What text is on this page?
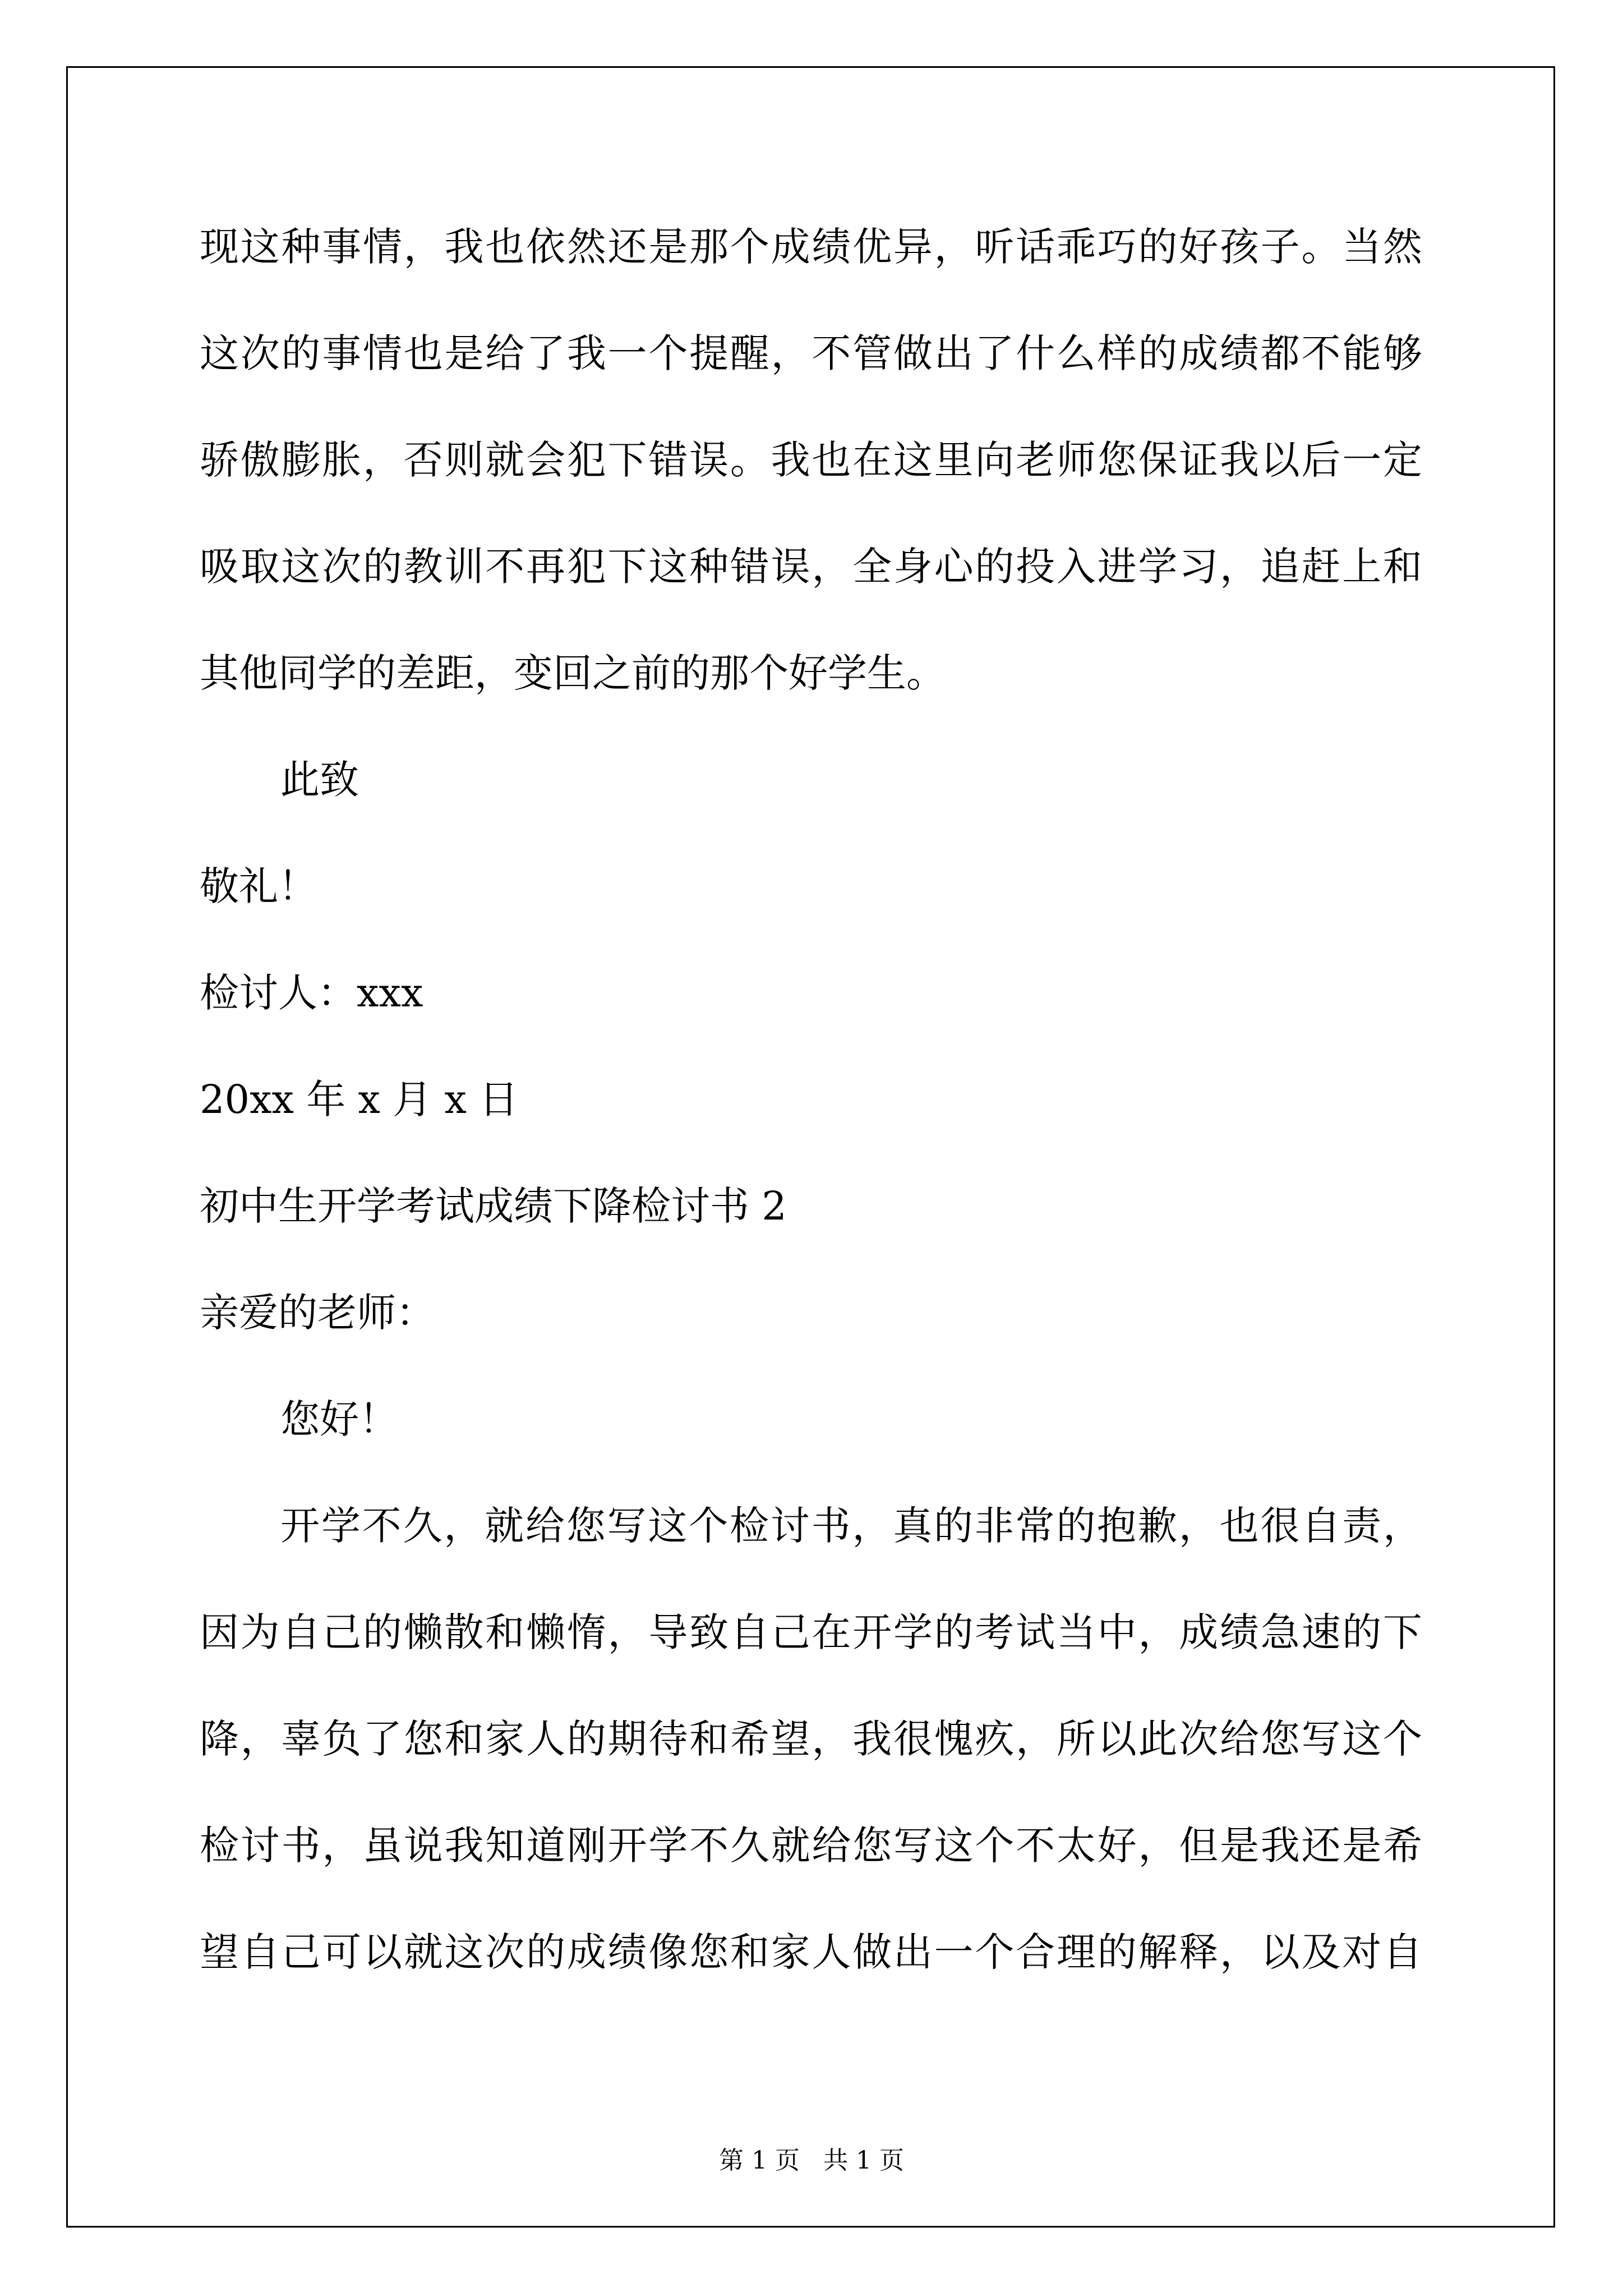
现这种事情，我也依然还是那个成绩优异，听话乖巧的好孩子。当然
这次的事情也是给了我一个提醒，不管做出了什么样的成绩都不能够
骄傲膨胀，否则就会犯下错误。我也在这里向老师您保证我以后一定
吸取这次的教训不再犯下这种错误，全身心的投入进学习，追赶上和
其他同学的差距，变回之前的那个好学生。
此致
敬礼！
检讨人：xxx
20xx 年 x 月 x 日
初中生开学考试成绩下降检讨书 2
亲爱的老师：
您好！
开学不久，就给您写这个检讨书，真的非常的抱歉，也很自责，
因为自己的懒散和懒惰，导致自己在开学的考试当中，成绩急速的下
降，辜负了您和家人的期待和希望，我很愧疚，所以此次给您写这个
检讨书，虽说我知道刚开学不久就给您写这个不太好，但是我还是希
望自己可以就这次的成绩像您和家人做出一个合理的解释，以及对自
第 1 页   共 1 页
